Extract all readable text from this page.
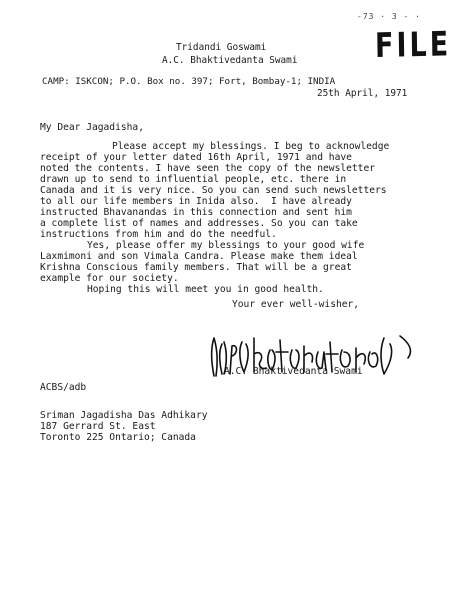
-73 · 3 - ·
FILE
Tridandi Goswami
A.C. Bhaktivedanta Swami
CAMP: ISKCON; P.O. Box no. 397; Fort, Bombay-1; INDIA
25th April, 1971
My Dear Jagadisha,
Please accept my blessings. I beg to acknowledge
receipt of your letter dated 16th April, 1971 and have
noted the contents. I have seen the copy of the newsletter
drawn up to send to influential people, etc. there in
Canada and it is very nice. So you can send such newsletters
to all our life members in Inida also.  I have already
instructed Bhavanandas in this connection and sent him
a complete list of names and addresses. So you can take
instructions from him and do the needful.
Yes, please offer my blessings to your good wife
Laxmimoni and son Vimala Candra. Please make them ideal
Krishna Conscious family members. That will be a great
example for our society.
Hoping this will meet you in good health.
Your ever well-wisher,
A.C. Bhaktivedanta Swami
ACBS/adb
Sriman Jagadisha Das Adhikary
187 Gerrard St. East
Toronto 225 Ontario; Canada
